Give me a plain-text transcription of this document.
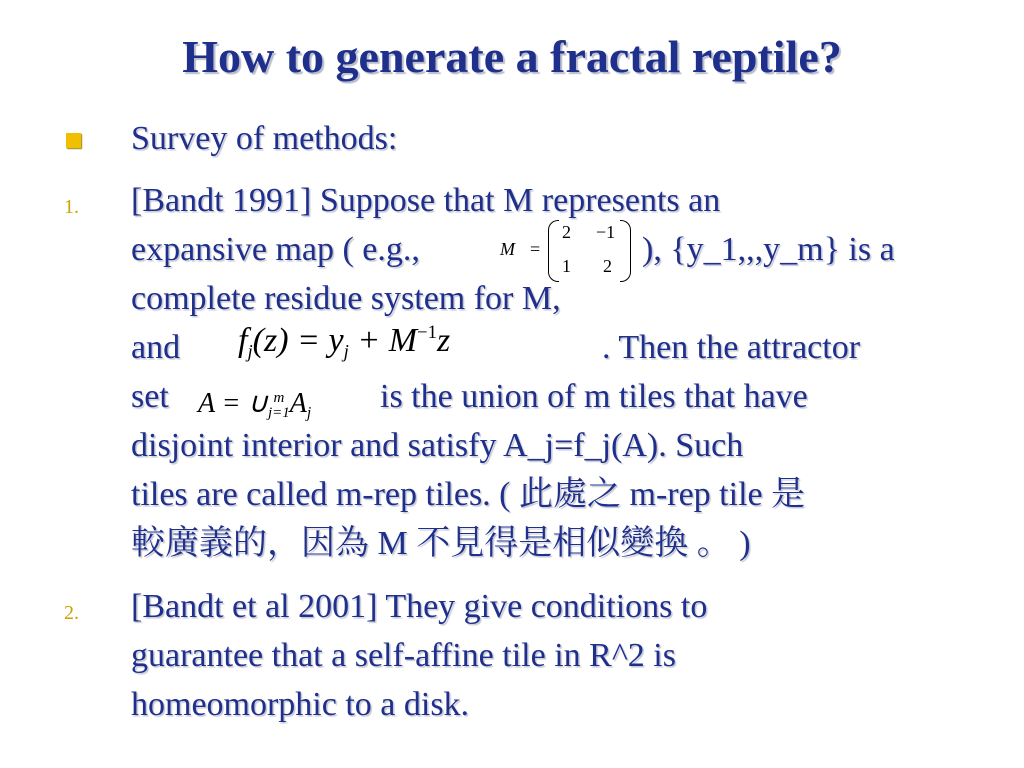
How to generate a fractal reptile?
Survey of methods:
1. [Bandt 1991] Suppose that M represents an
expansive map ( e.g.,	), {y_1,,,y_m} is a
M =
2 −1
1 2
complete residue system for M,
and	. Then the attractor
$f_j(z) = y_j + M^{-1}z$
set	is the union of m tiles that have
A = ∪ m
j=1 $A_j$
disjoint interior and satisfy A_j=f_j(A). Such
tiles are called m-rep tiles. ( 此處之 m-rep tile 是
較廣義的，因為 M 不見得是相似變換 。 )
2. [Bandt et al 2001] They give conditions to
guarantee that a self-affine tile in R^2 is
homeomorphic to a disk.
